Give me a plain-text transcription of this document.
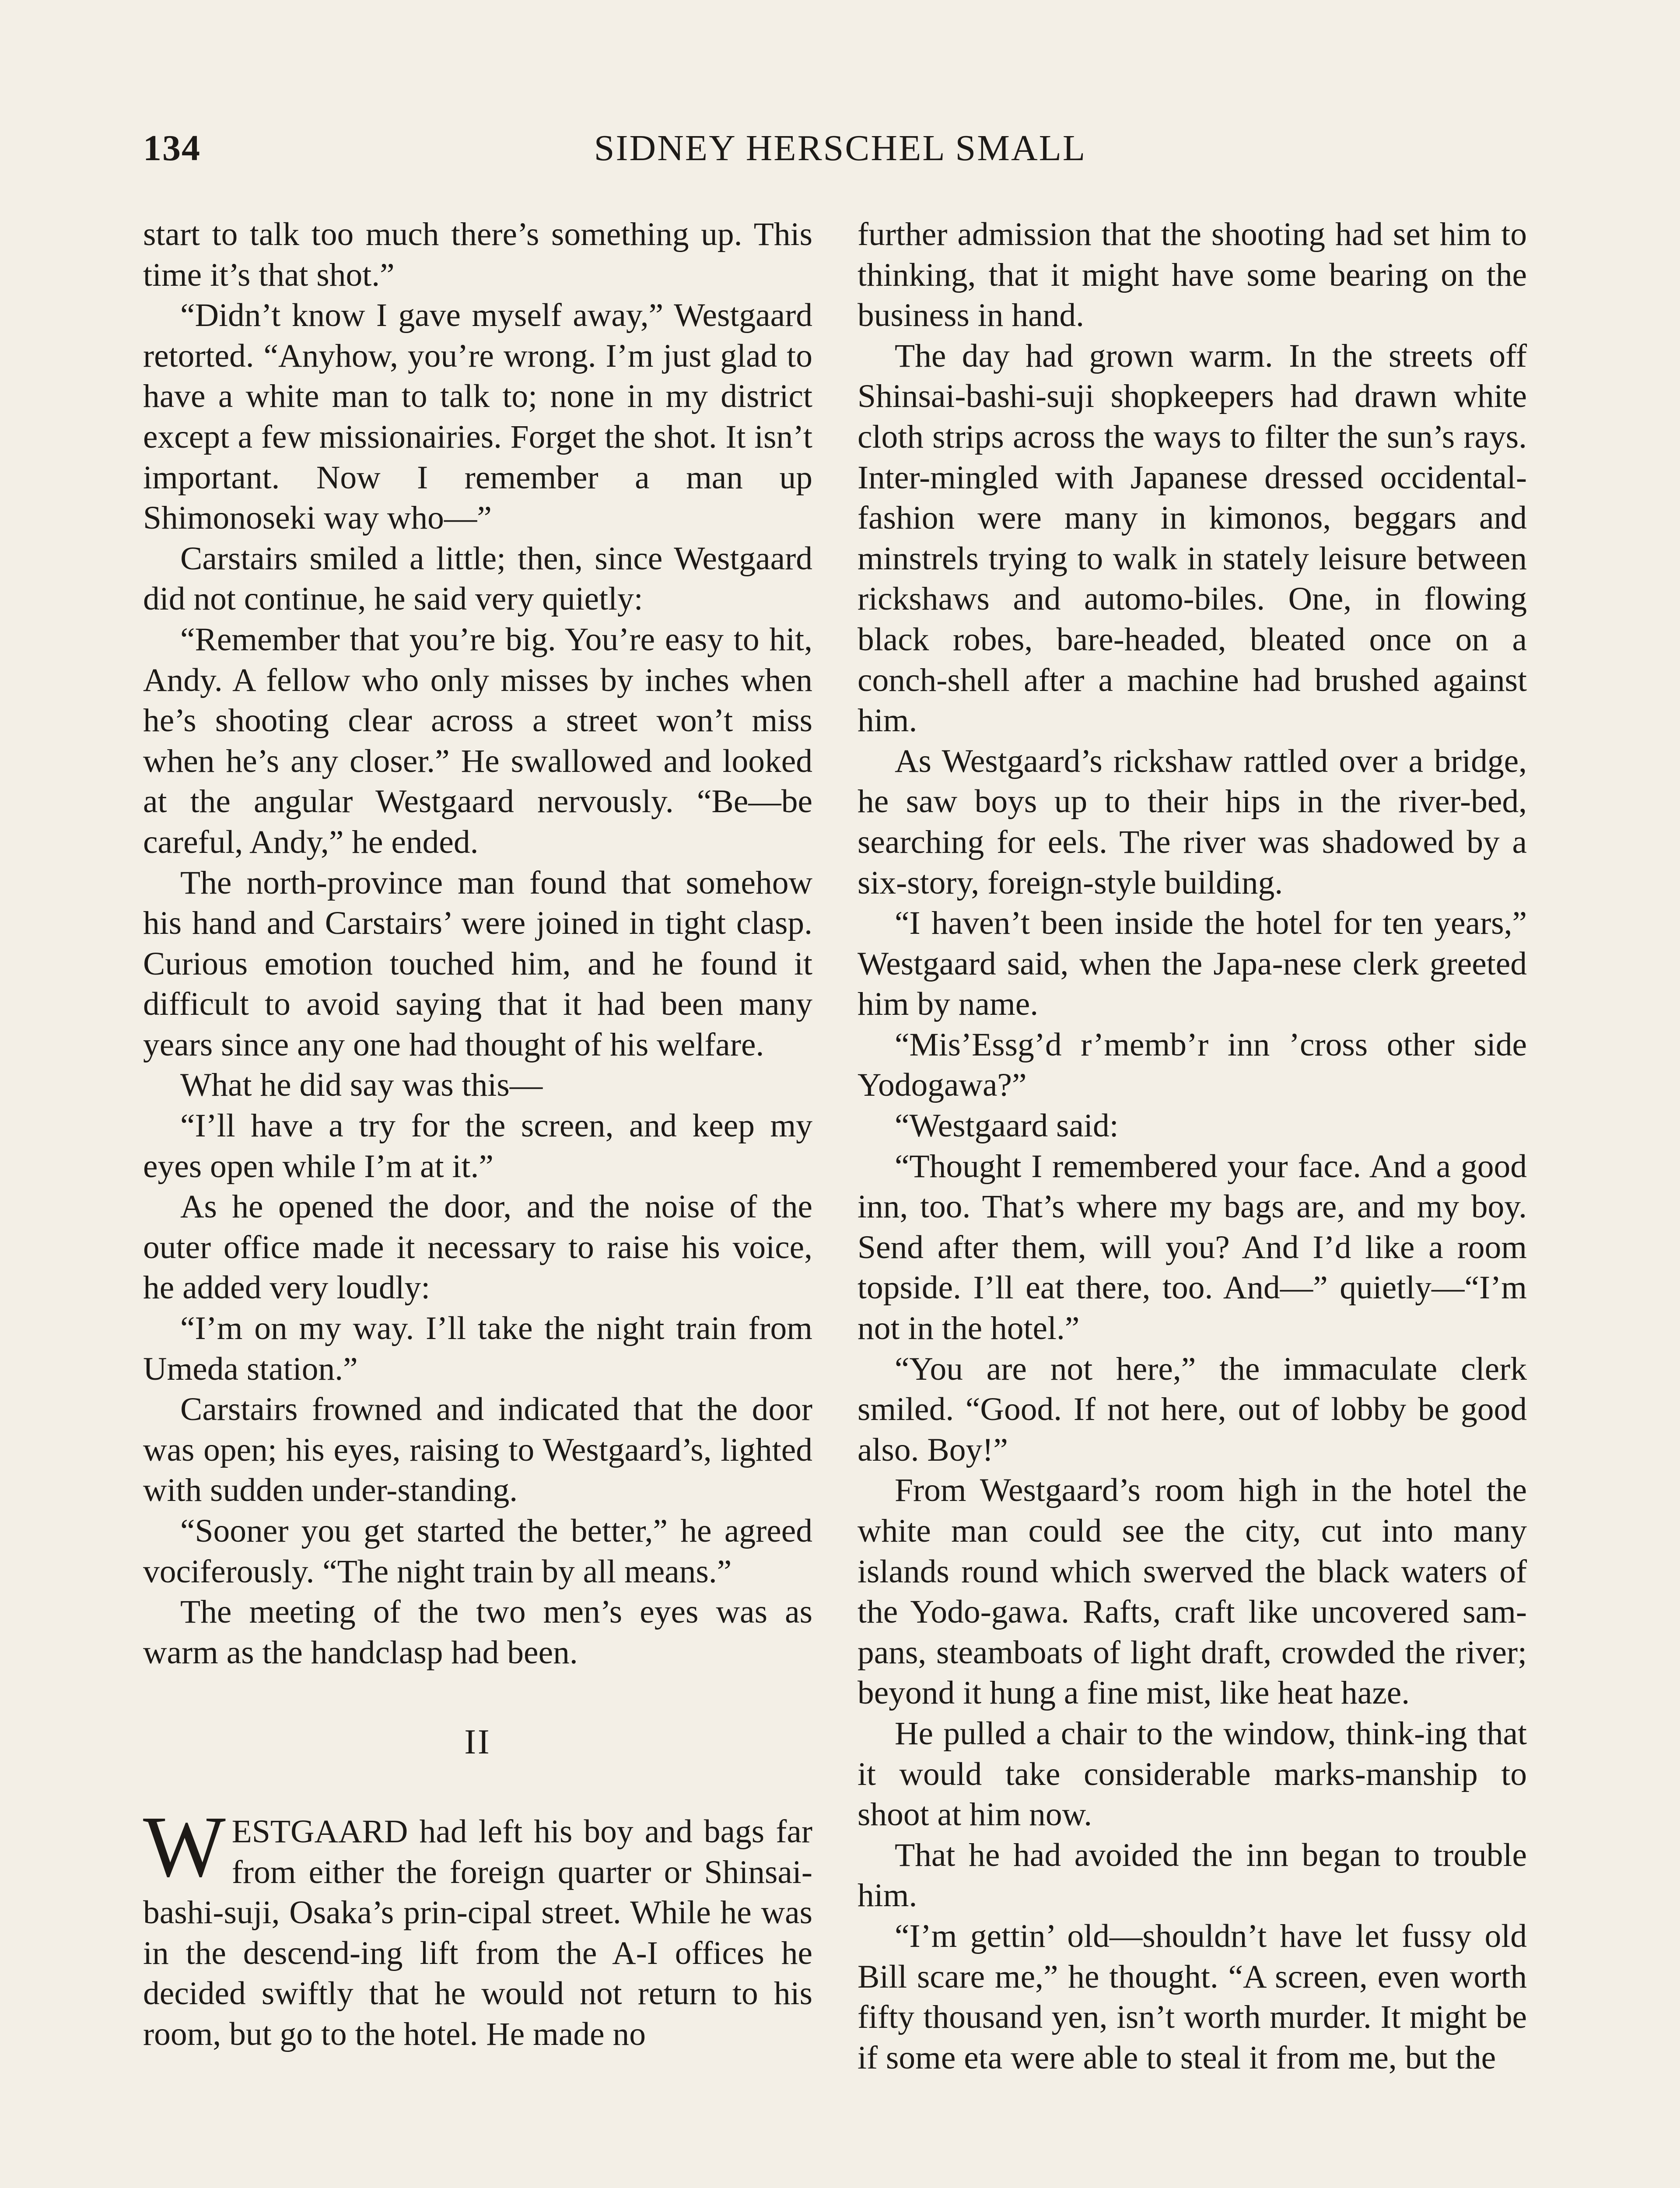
134	SIDNEY HERSCHEL SMALL

start to talk too much there’s something up. This time it’s that shot.”

“Didn’t know I gave myself away,” Westgaard retorted. “Anyhow, you’re wrong. I’m just glad to have a white man to talk to; none in my district except a few missionairies. Forget the shot. It isn’t important. Now I remember a man up Shimonoseki way who—”

Carstairs smiled a little; then, since Westgaard did not continue, he said very quietly:

“Remember that you’re big. You’re easy to hit, Andy. A fellow who only misses by inches when he’s shooting clear across a street won’t miss when he’s any closer.” He swallowed and looked at the angular Westgaard nervously. “Be—be careful, Andy,” he ended.

The north-province man found that somehow his hand and Carstairs’ were joined in tight clasp. Curious emotion touched him, and he found it difficult to avoid saying that it had been many years since any one had thought of his welfare.

What he did say was this—

“I’ll have a try for the screen, and keep my eyes open while I’m at it.”

As he opened the door, and the noise of the outer office made it necessary to raise his voice, he added very loudly:

“I’m on my way. I’ll take the night train from Umeda station.”

Carstairs frowned and indicated that the door was open; his eyes, raising to Westgaard’s, lighted with sudden under-standing.

“Sooner you get started the better,” he agreed vociferously. “The night train by all means.”

The meeting of the two men’s eyes was as warm as the handclasp had been.

II

WESTGAARD had left his boy and bags far from either the foreign quarter or Shinsai-bashi-suji, Osaka’s prin-cipal street. While he was in the descend-ing lift from the A-I offices he decided swiftly that he would not return to his room, but go to the hotel. He made no

further admission that the shooting had set him to thinking, that it might have some bearing on the business in hand.

The day had grown warm. In the streets off Shinsai-bashi-suji shopkeepers had drawn white cloth strips across the ways to filter the sun’s rays. Inter-mingled with Japanese dressed occidental-fashion were many in kimonos, beggars and minstrels trying to walk in stately leisure between rickshaws and automo-biles. One, in flowing black robes, bare-headed, bleated once on a conch-shell after a machine had brushed against him.

As Westgaard’s rickshaw rattled over a bridge, he saw boys up to their hips in the river-bed, searching for eels. The river was shadowed by a six-story, foreign-style building.

“I haven’t been inside the hotel for ten years,” Westgaard said, when the Japa-nese clerk greeted him by name.

“Mis’Essg’d r’memb’r inn ’cross other side Yodogawa?”

“Westgaard said:

“Thought I remembered your face. And a good inn, too. That’s where my bags are, and my boy. Send after them, will you? And I’d like a room topside. I’ll eat there, too. And—” quietly—“I’m not in the hotel.”

“You are not here,” the immaculate clerk smiled. “Good. If not here, out of lobby be good also. Boy!”

From Westgaard’s room high in the hotel the white man could see the city, cut into many islands round which swerved the black waters of the Yodo-gawa. Rafts, craft like uncovered sam-pans, steamboats of light draft, crowded the river; beyond it hung a fine mist, like heat haze.

He pulled a chair to the window, think-ing that it would take considerable marks-manship to shoot at him now.

That he had avoided the inn began to trouble him.

“I’m gettin’ old—shouldn’t have let fussy old Bill scare me,” he thought. “A screen, even worth fifty thousand yen, isn’t worth murder. It might be if some eta were able to steal it from me, but the
